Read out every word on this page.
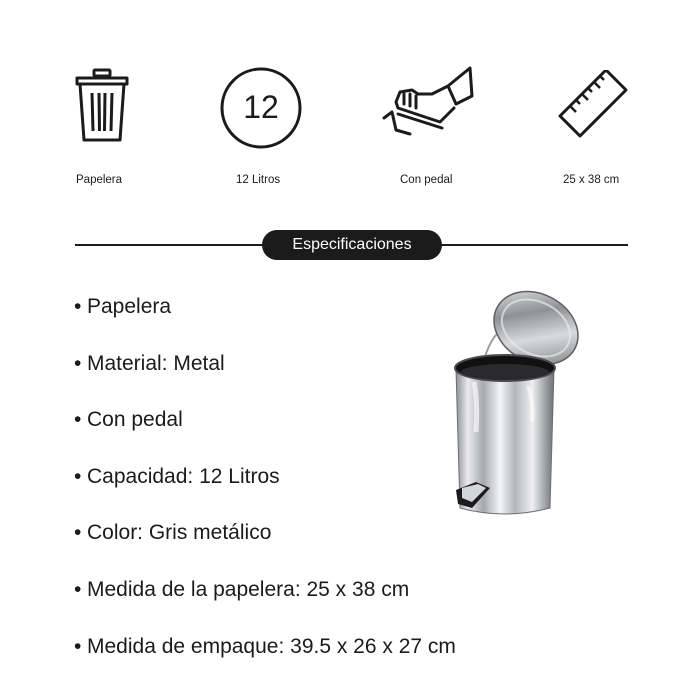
Papelera
12
12 Litros	Con pedal	25 x 38 cm
Especificaciones
• Papelera
• Material: Metal
• Con pedal
• Capacidad: 12 Litros
• Color: Gris metálico
• Medida de la papelera: 25 x 38 cm
• Medida de empaque: 39.5 x 26 x 27 cm
